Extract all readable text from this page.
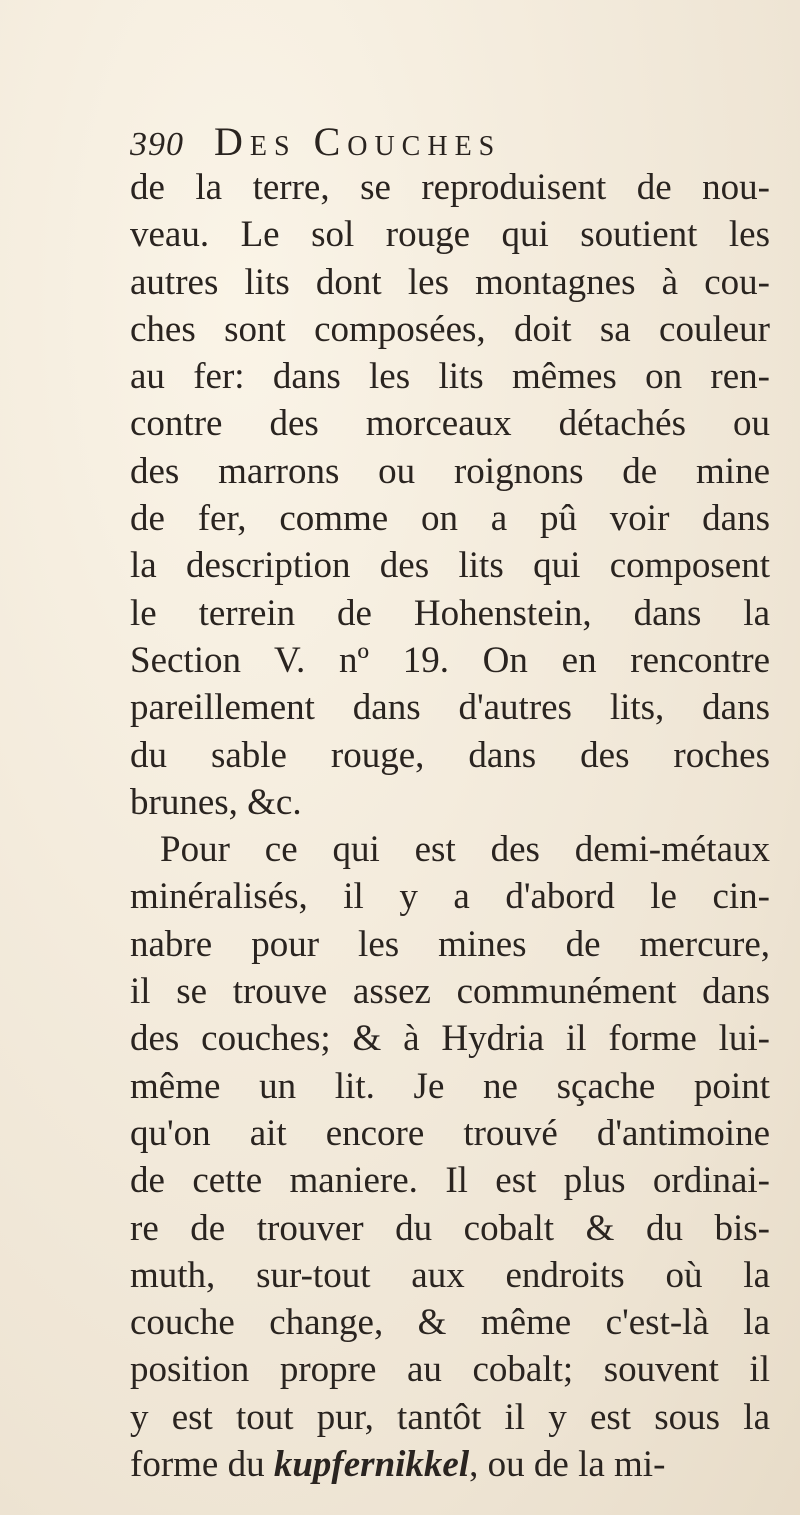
390 Des Couches
de la terre, se reproduisent de nou-
veau. Le sol rouge qui soutient les
autres lits dont les montagnes à cou-
ches sont composées, doit sa couleur
au fer: dans les lits mêmes on ren-
contre des morceaux détachés ou
des marrons ou roignons de mine
de fer, comme on a pû voir dans
la description des lits qui composent
le terrein de Hohenstein, dans la
Section V. nº 19. On en rencontre
pareillement dans d'autres lits, dans
du sable rouge, dans des roches
brunes, &c.
Pour ce qui est des demi-métaux
minéralisés, il y a d'abord le cin-
nabre pour les mines de mercure,
il se trouve assez communément dans
des couches; & à Hydria il forme lui-
même un lit. Je ne sçache point
qu'on ait encore trouvé d'antimoine
de cette maniere. Il est plus ordinai-
re de trouver du cobalt & du bis-
muth, sur-tout aux endroits où la
couche change, & même c'est-là la
position propre au cobalt; souvent il
y est tout pur, tantôt il y est sous la
forme du kupfernikkel, ou de la mi-
